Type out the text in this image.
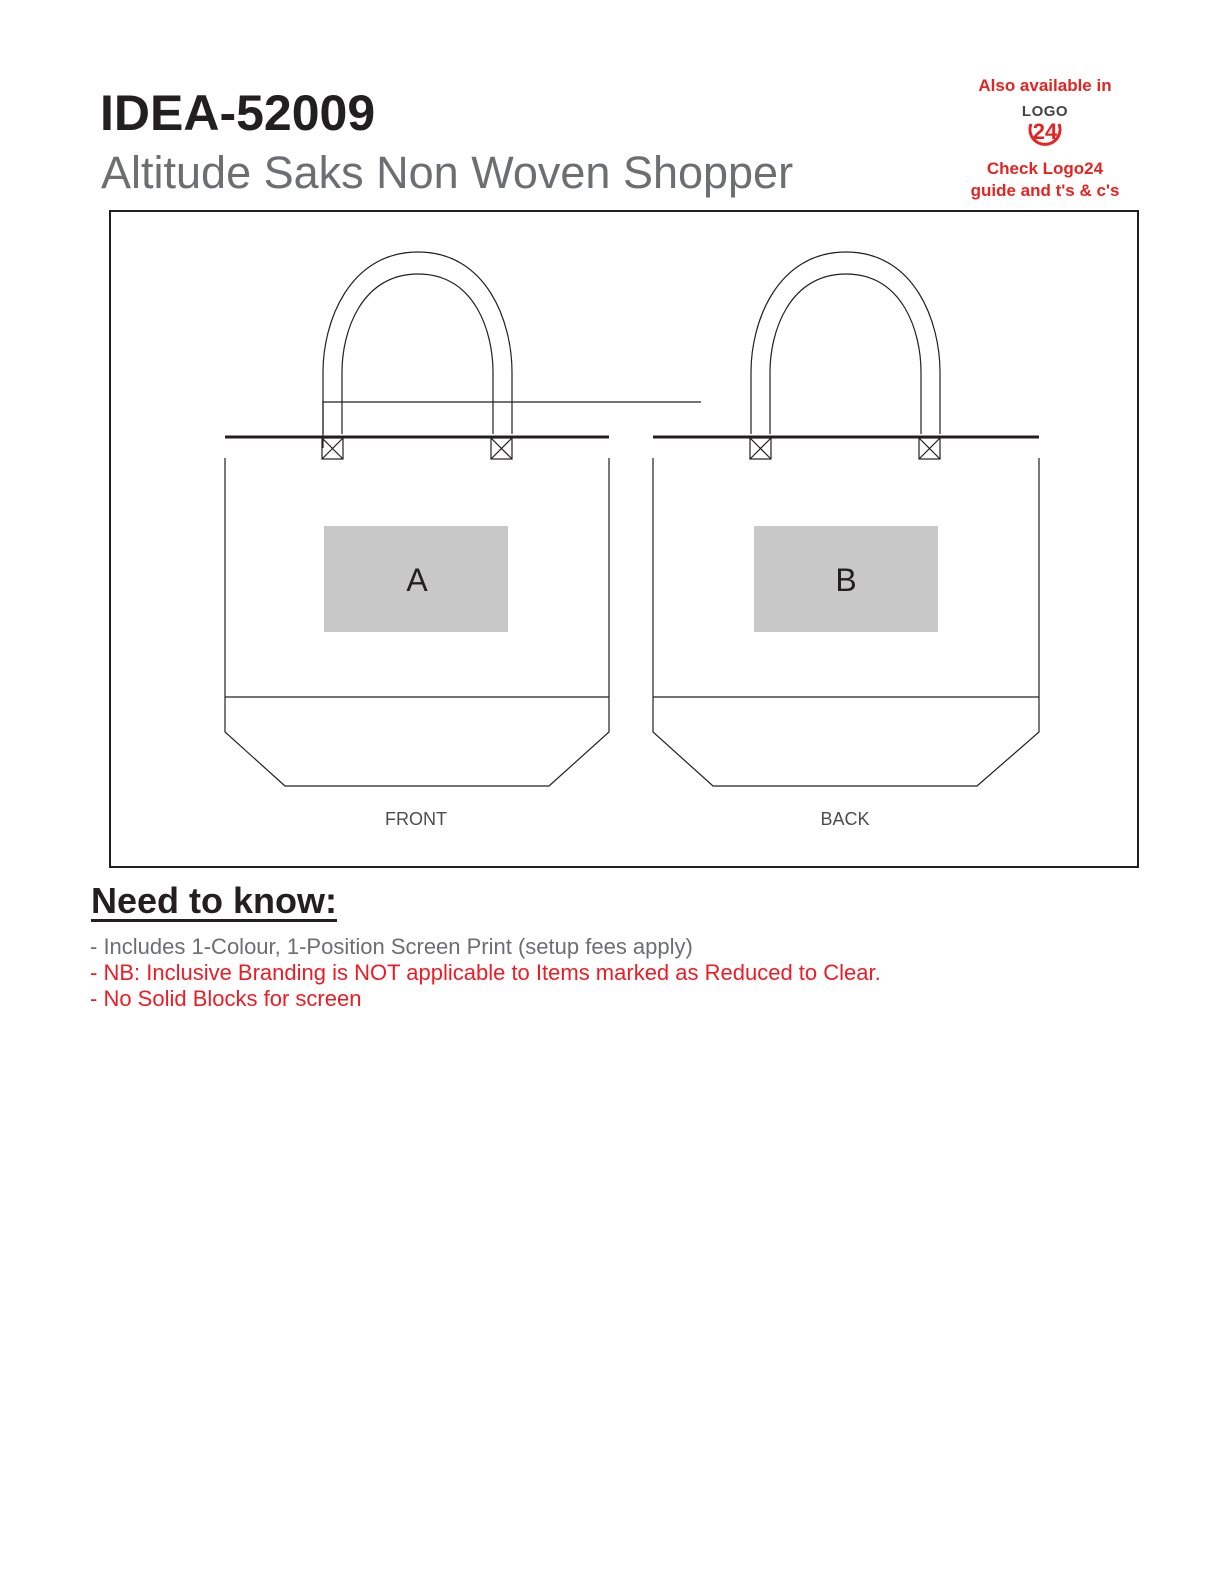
IDEA-52009
Altitude Saks Non Woven Shopper
Also available in
LOGO
24
Check Logo24
guide and t's & c's
A	B
FRONT	BACK
Need to know:
- Includes 1-Colour, 1-Position Screen Print (setup fees apply)
- NB: Inclusive Branding is NOT applicable to Items marked as Reduced to Clear.
- No Solid Blocks for screen
